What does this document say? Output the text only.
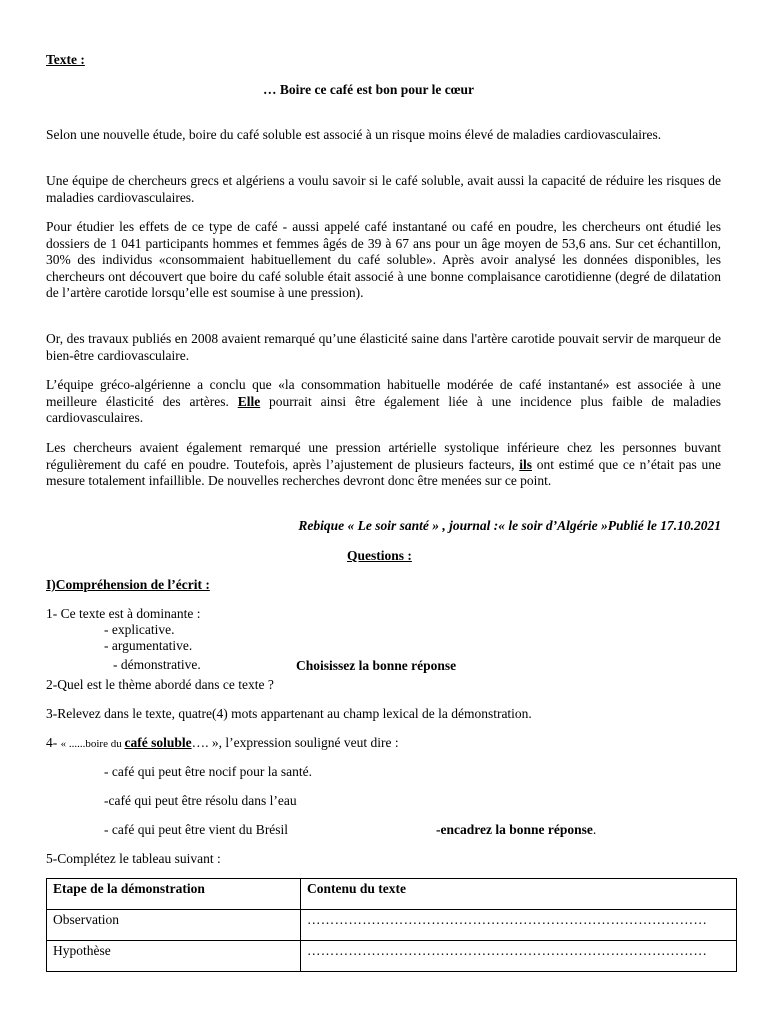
Texte :
… Boire ce café est bon pour le cœur
Selon une nouvelle étude, boire du café soluble est associé à un risque moins élevé de maladies cardiovasculaires.
Une équipe de chercheurs grecs et algériens a voulu savoir si le café soluble, avait aussi la capacité de réduire les risques de maladies cardiovasculaires.
Pour étudier les effets de ce type de café - aussi appelé café instantané ou café en poudre, les chercheurs ont étudié les dossiers de 1 041 participants hommes et femmes âgés de 39 à 67 ans pour un âge moyen de 53,6 ans. Sur cet échantillon, 30% des individus «consommaient habituellement du café soluble». Après avoir analysé les données disponibles, les chercheurs ont découvert que boire du café soluble était associé à une bonne complaisance carotidienne (degré de dilatation de l’artère carotide lorsqu’elle est soumise à une pression).
Or, des travaux publiés en 2008 avaient remarqué qu’une élasticité saine dans l'artère carotide pouvait servir de marqueur de bien-être cardiovasculaire.
L’équipe gréco-algérienne a conclu que «la consommation habituelle modérée de café instantané» est associée à une meilleure élasticité des artères. Elle pourrait ainsi être également liée à une incidence plus faible de maladies cardiovasculaires.
Les chercheurs avaient également remarqué une pression artérielle systolique inférieure chez les personnes buvant régulièrement du café en poudre. Toutefois, après l’ajustement de plusieurs facteurs, ils ont estimé que ce n’était pas une mesure totalement infaillible. De nouvelles recherches devront donc être menées sur ce point.
Rebique « Le soir santé » , journal :« le soir d’Algérie »Publié le 17.10.2021
Questions :
I)Compréhension de l’écrit :
1- Ce texte est à dominante :
- explicative.
- argumentative.
- démonstrative.	Choisissez la bonne réponse
2-Quel est le thème abordé dans ce texte ?
3-Relevez dans le texte, quatre(4) mots appartenant au champ lexical de la démonstration.
4- « ......boire du café soluble…. », l’expression souligné veut dire :
- café qui peut être nocif pour la santé.
-café qui peut être résolu dans l’eau
- café qui peut être vient du Brésil	-encadrez la bonne réponse.
5-Complétez le tableau suivant :
Etape de la démonstration	Contenu du texte
Observation	……………………………………………………………………………

Hypothèse	……………………………………………………………………………
